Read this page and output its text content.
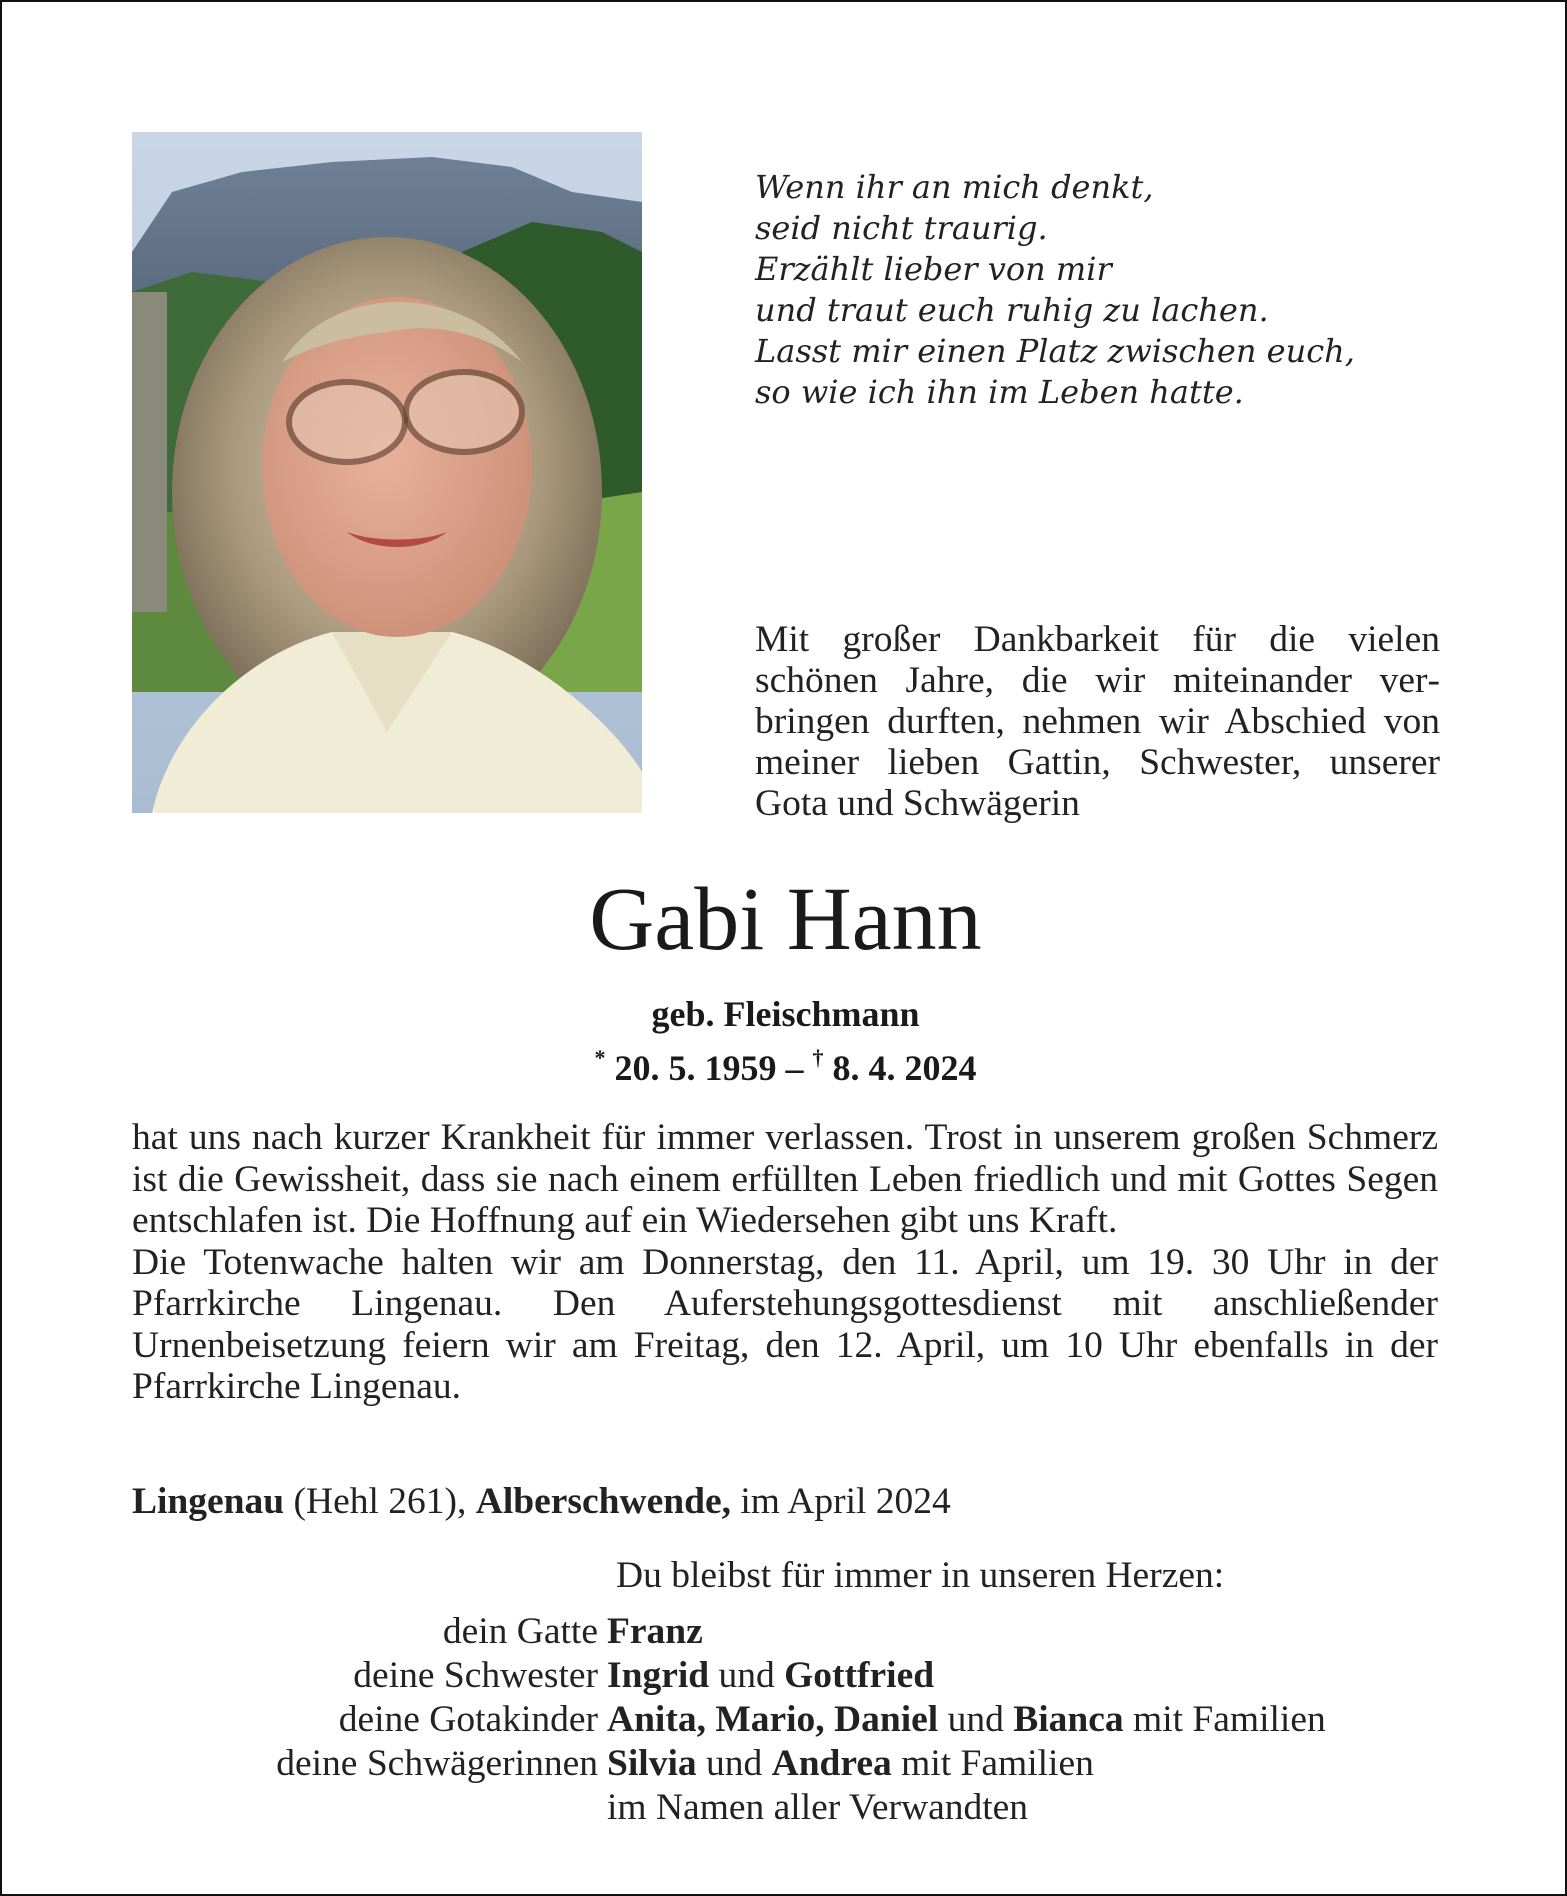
Wenn ihr an mich denkt,
seid nicht traurig.
Erzählt lieber von mir
und traut euch ruhig zu lachen.
Lasst mir einen Platz zwischen euch,
so wie ich ihn im Leben hatte.
Mit großer Dankbarkeit für die vielen schönen Jahre, die wir miteinander verbringen durften, nehmen wir Abschied von meiner lieben Gattin, Schwester, unserer Gota und Schwägerin
Gabi Hann
geb. Fleischmann
* 20. 5. 1959 – † 8. 4. 2024

hat uns nach kurzer Krankheit für immer verlassen. Trost in unserem großen Schmerz ist die Gewissheit, dass sie nach einem erfüllten Leben friedlich und mit Gottes Segen entschlafen ist. Die Hoffnung auf ein Wiedersehen gibt uns Kraft.

Die Totenwache halten wir am Donnerstag, den 11. April, um 19. 30 Uhr in der Pfarrkirche Lingenau. Den Auferstehungsgottesdienst mit anschließender Urnenbeisetzung feiern wir am Freitag, den 12. April, um 10 Uhr ebenfalls in der Pfarrkirche Lingenau.

Lingenau (Hehl 261), Alberschwende, im April 2024
Du bleibst für immer in unseren Herzen:
dein Gatte Franz
deine Schwester Ingrid und Gottfried
deine Gotakinder Anita, Mario, Daniel und Bianca mit Familien
deine Schwägerinnen Silvia und Andrea mit Familien
im Namen aller Verwandten
